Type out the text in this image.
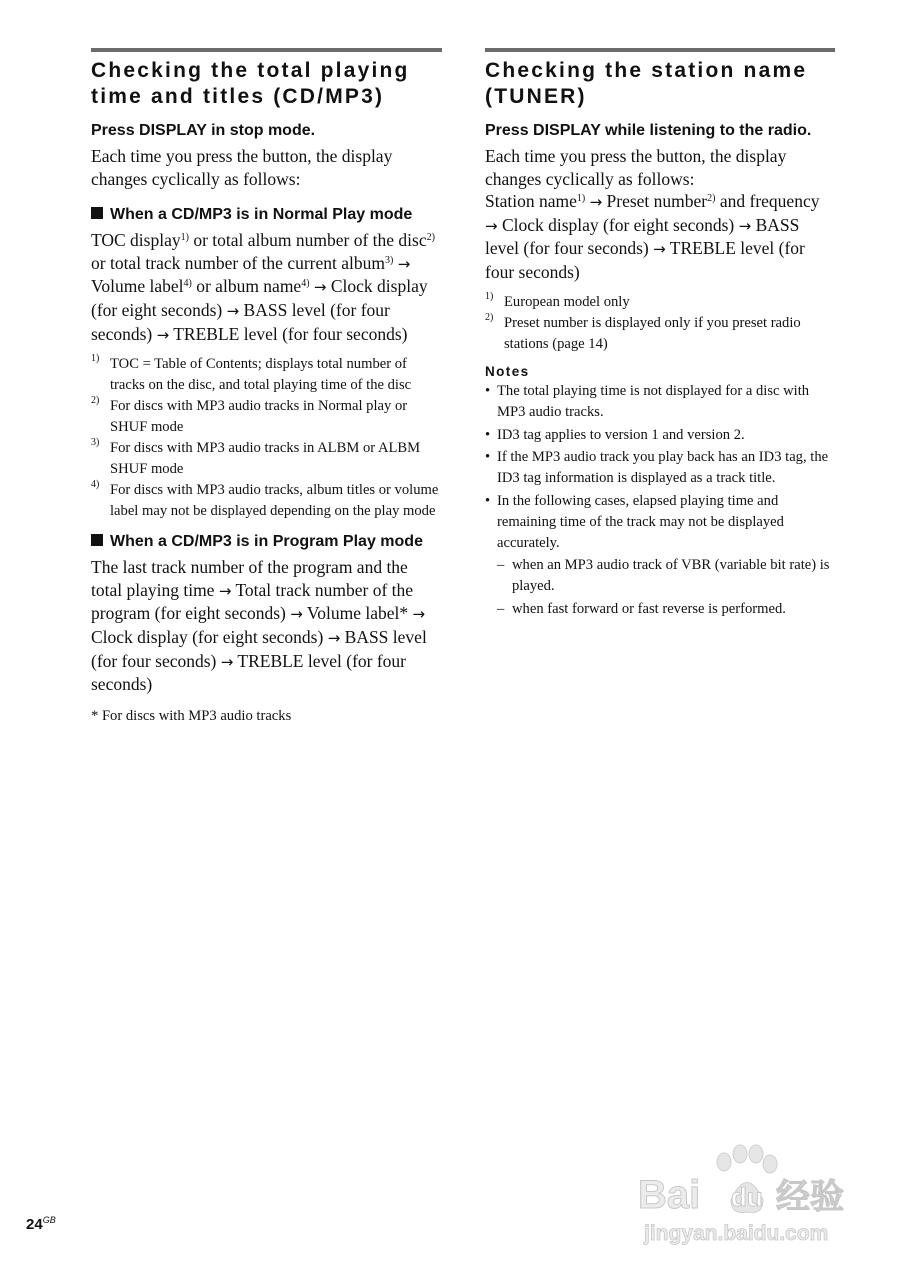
Checking the total playing
time and titles (CD/MP3)
Press DISPLAY in stop mode.

Each time you press the button, the display changes cyclically as follows:

When a CD/MP3 is in Normal Play mode

TOC display$^{1)}$ or total album number of the disc$^{2)}$ or total track number of the current album$^{3)}$ → Volume label$^{4)}$ or album name$^{4)}$ → Clock display (for eight seconds) → BASS level (for four seconds) → TREBLE level (for four seconds)

1) TOC = Table of Contents; displays total number of tracks on the disc, and total playing time of the disc
2) For discs with MP3 audio tracks in Normal play or SHUF mode
3) For discs with MP3 audio tracks in ALBM or ALBM SHUF mode
4) For discs with MP3 audio tracks, album titles or volume label may not be displayed depending on the play mode
When a CD/MP3 is in Program Play mode

The last track number of the program and the total playing time → Total track number of the program (for eight seconds) → Volume label* → Clock display (for eight seconds) → BASS level (for four seconds) → TREBLE level (for four seconds)

* For discs with MP3 audio tracks

Checking the station name
(TUNER)
Press DISPLAY while listening to the radio.

Each time you press the button, the display changes cyclically as follows:

Station name$^{1)}$ → Preset number$^{2)}$ and frequency → Clock display (for eight seconds) → BASS level (for four seconds) → TREBLE level (for four seconds)

1) European model only
2) Preset number is displayed only if you preset radio stations (page 14)
Notes
• The total playing time is not displayed for a disc with MP3 audio tracks.
• ID3 tag applies to version 1 and version 2.
• If the MP3 audio track you play back has an ID3 tag, the ID3 tag information is displayed as a track title.
• In the following cases, elapsed playing time and remaining time of the track may not be displayed accurately.
– when an MP3 audio track of VBR (variable bit rate) is played.
– when fast forward or fast reverse is performed.
$24^{GB}$
Bai du 经验
jingyan.baidu.com
